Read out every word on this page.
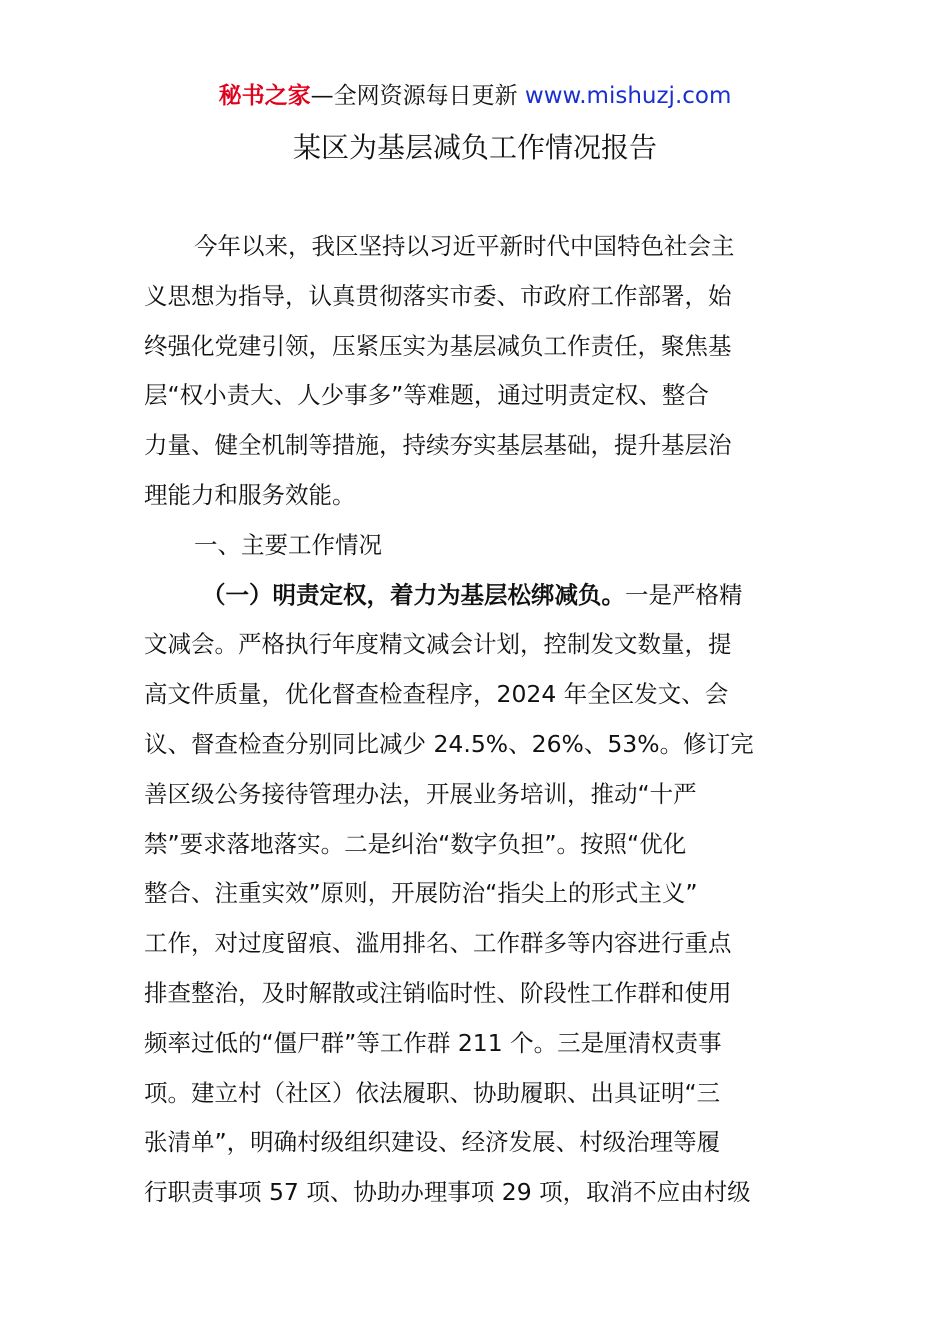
秘书之家—全网资源每日更新 www.mishuzj.com
某区为基层减负工作情况报告
今年以来，我区坚持以习近平新时代中国特色社会主
义思想为指导，认真贯彻落实市委、市政府工作部署，始
终强化党建引领，压紧压实为基层减负工作责任，聚焦基
层“权小责大、人少事多”等难题，通过明责定权、整合
力量、健全机制等措施，持续夯实基层基础，提升基层治
理能力和服务效能。
一、主要工作情况
（一）明责定权，着力为基层松绑减负。一是严格精
文减会。严格执行年度精文减会计划，控制发文数量，提
高文件质量，优化督查检查程序，2024 年全区发文、会
议、督查检查分别同比减少 24.5%、26%、53%。修订完
善区级公务接待管理办法，开展业务培训，推动“十严
禁”要求落地落实。二是纠治“数字负担”。按照“优化
整合、注重实效”原则，开展防治“指尖上的形式主义”
工作，对过度留痕、滥用排名、工作群多等内容进行重点
排查整治，及时解散或注销临时性、阶段性工作群和使用
频率过低的“僵尸群”等工作群 211 个。三是厘清权责事
项。建立村（社区）依法履职、协助履职、出具证明“三
张清单”，明确村级组织建设、经济发展、村级治理等履
行职责事项 57 项、协助办理事项 29 项，取消不应由村级
